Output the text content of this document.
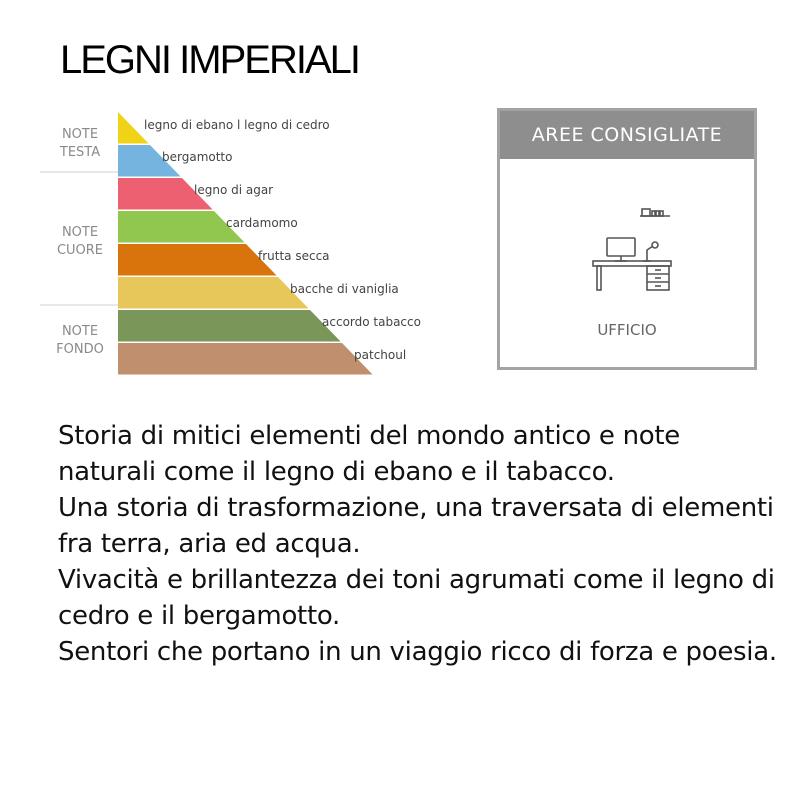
LEGNI IMPERIALI
NOTE
TESTA
NOTE
CUORE
NOTE
FONDO
legno di ebano l legno di cedro
bergamotto
legno di agar
cardamomo
frutta secca
bacche di vaniglia
accordo tabacco
patchoul
AREE CONSIGLIATE
UFFICIO

Storia di mitici elementi del mondo antico e note naturali come il legno di ebano e il tabacco.

Una storia di trasformazione, una traversata di elementi fra terra, aria ed acqua.

Vivacità e brillantezza dei toni agrumati come il legno di cedro e il bergamotto.

Sentori che portano in un viaggio ricco di forza e poesia.
